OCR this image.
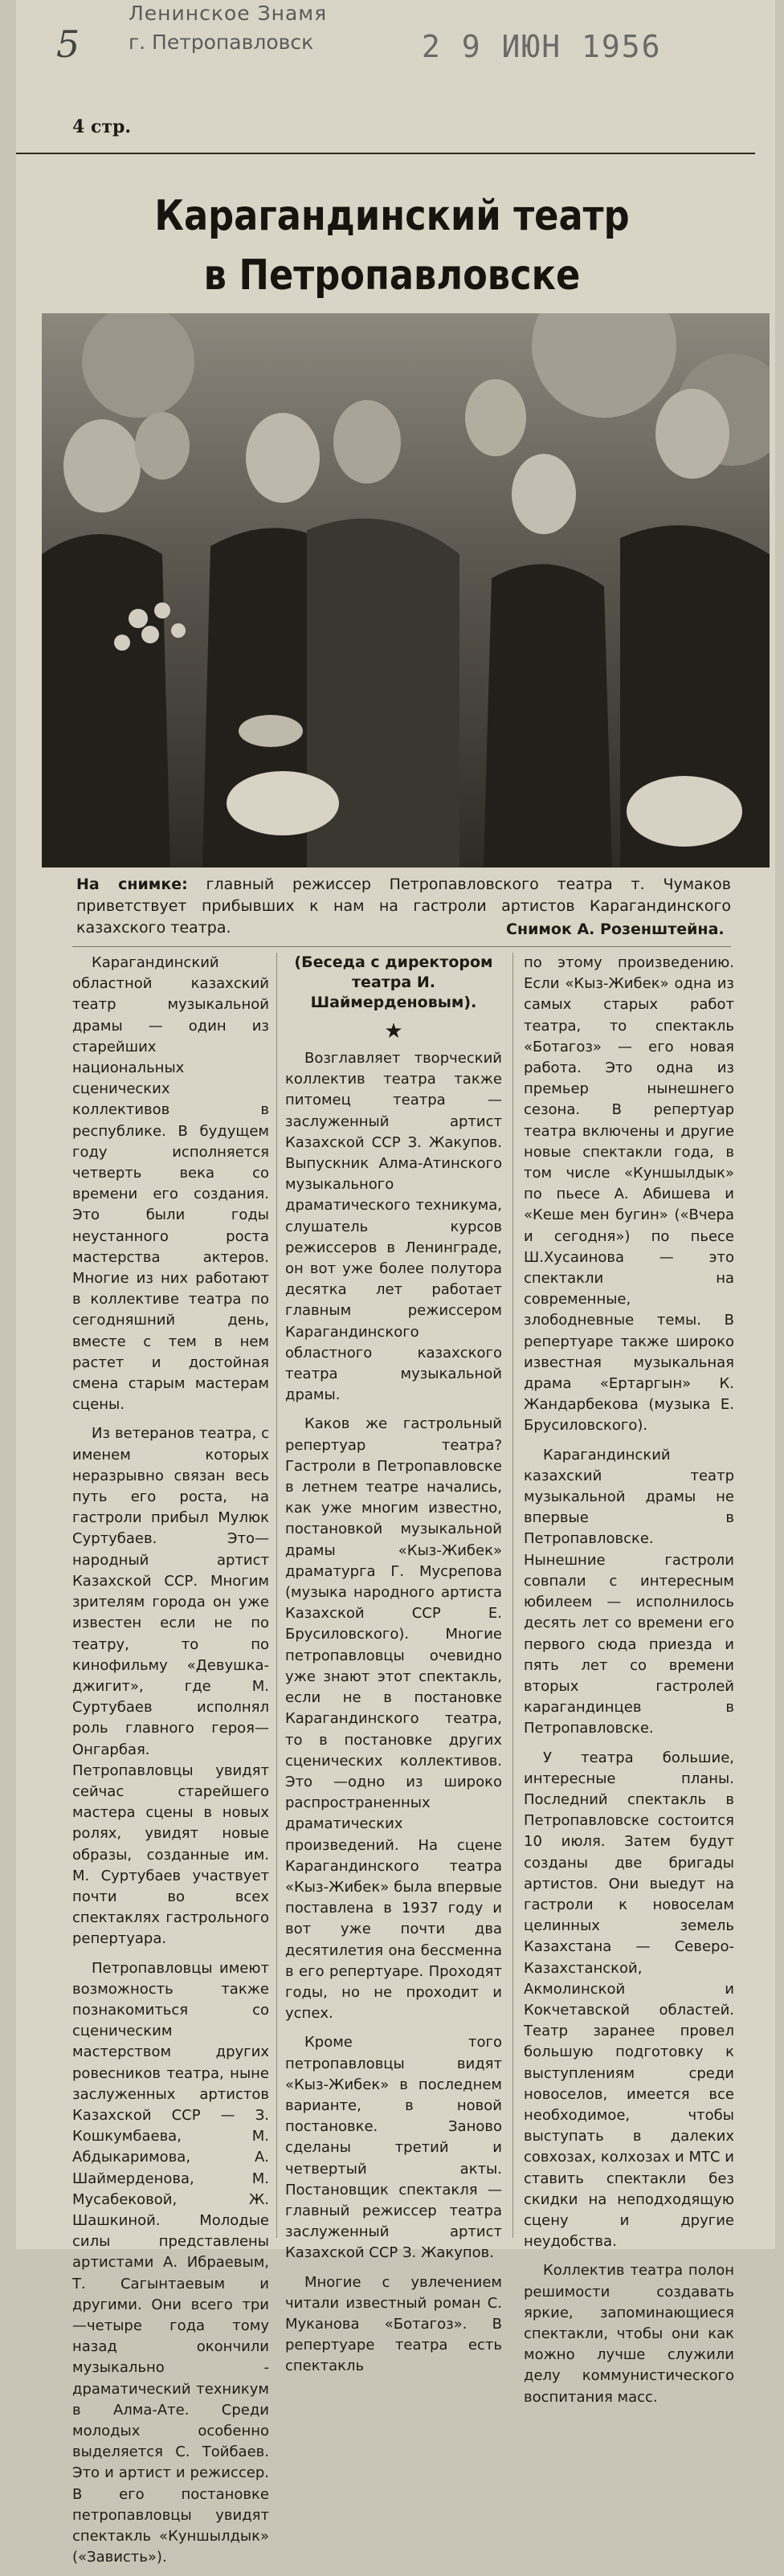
5
Ленинское Знамя
г. Петропавловск	2 9 ИЮН 1956
4 стр.
Карагандинский театр
в Петропавловске
На снимке: главный режиссер Петропавловского театра т. Чумаков приветствует прибывших к нам на гастроли артистов Карагандинского казахского театра.	Снимок А. Розенштейна.

Карагандинский областной казахский театр музыкальной драмы — один из старейших национальных сценических коллективов в республике. В будущем году исполняется четверть века со времени его создания. Это были годы неустанного роста мастерства актеров. Многие из них работают в коллективе театра по сегодняшний день, вместе с тем в нем растет и достойная смена старым мастерам сцены.

Из ветеранов театра, с именем которых неразрывно связан весь путь его роста, на гастроли прибыл Мулюк Суртубаев. Это—народный артист Казахской ССР. Многим зрителям города он уже известен если не по театру, то по кинофильму «Девушка-джигит», где М. Суртубаев исполнял роль главного героя—Онгарбая. Петропавловцы увидят сейчас старейшего мастера сцены в новых ролях, увидят новые образы, созданные им. М. Суртубаев участвует почти во всех спектаклях гастрольного репертуара.

Петропавловцы имеют возможность также познакомиться со сценическим мастерством других ровесников театра, ныне заслуженных артистов Казахской ССР — З. Кошкумбаева, М. Абдыкаримова, А. Шаймерденова, М. Мусабековой, Ж. Шашкиной. Молодые силы представлены артистами А. Ибраевым, Т. Сагынтаевым и другими. Они всего три—четыре года тому назад окончили музыкально - драматический техникум в Алма-Ате. Среди молодых особенно выделяется С. Тойбаев. Это и артист и режиссер. В его постановке петропавловцы увидят спектакль «Куншылдык» («Зависть»).

(Беседа с директором театра И. Шаймерденовым).
★

Возглавляет творческий коллектив театра также питомец театра — заслуженный артист Казахской ССР З. Жакупов. Выпускник Алма-Атинского музыкального драматического техникума, слушатель курсов режиссеров в Ленинграде, он вот уже более полутора десятка лет работает главным режиссером Карагандинского областного казахского театра музыкальной драмы.

Каков же гастрольный репертуар театра? Гастроли в Петропавловске в летнем театре начались, как уже многим известно, постановкой музыкальной драмы «Кыз-Жибек» драматурга Г. Мусрепова (музыка народного артиста Казахской ССР Е. Брусиловского). Многие петропавловцы очевидно уже знают этот спектакль, если не в постановке Карагандинского театра, то в постановке других сценических коллективов. Это —одно из широко распространенных драматических произведений. На сцене Карагандинского театра «Кыз-Жибек» была впервые поставлена в 1937 году и вот уже почти два десятилетия она бессменна в его репертуаре. Проходят годы, но не проходит и успех.

Кроме того петропавловцы видят «Кыз-Жибек» в последнем варианте, в новой постановке. Заново сделаны третий и четвертый акты. Постановщик спектакля — главный режиссер театра заслуженный артист Казахской ССР З. Жакупов.

Многие с увлечением читали известный роман С. Муканова «Ботагоз». В репертуаре театра есть спектакль

по этому произведению. Если «Кыз-Жибек» одна из самых старых работ театра, то спектакль «Ботагоз» — его новая работа. Это одна из премьер нынешнего сезона. В репертуар театра включены и другие новые спектакли года, в том числе «Куншылдык» по пьесе А. Абишева и «Кеше мен бугин» («Вчера и сегодня») по пьесе Ш.Хусаинова — это спектакли на современные, злободневные темы. В репертуаре также широко известная музыкальная драма «Ертаргын» К. Жандарбекова (музыка Е. Брусиловского).

Карагандинский казахский театр музыкальной драмы не впервые в Петропавловске. Нынешние гастроли совпали с интересным юбилеем — исполнилось десять лет со времени его первого сюда приезда и пять лет со времени вторых гастролей карагандинцев в Петропавловске.

У театра большие, интересные планы. Последний спектакль в Петропавловске состоится 10 июля. Затем будут созданы две бригады артистов. Они выедут на гастроли к новоселам целинных земель Казахстана — Северо-Казахстанской, Акмолинской и Кокчетавской областей. Театр заранее провел большую подготовку к выступлениям среди новоселов, имеется все необходимое, чтобы выступать в далеких совхозах, колхозах и МТС и ставить спектакли без скидки на неподходящую сцену и другие неудобства.

Коллектив театра полон решимости создавать яркие, запоминающиеся спектакли, чтобы они как можно лучше служили делу коммунистического воспитания масс.
